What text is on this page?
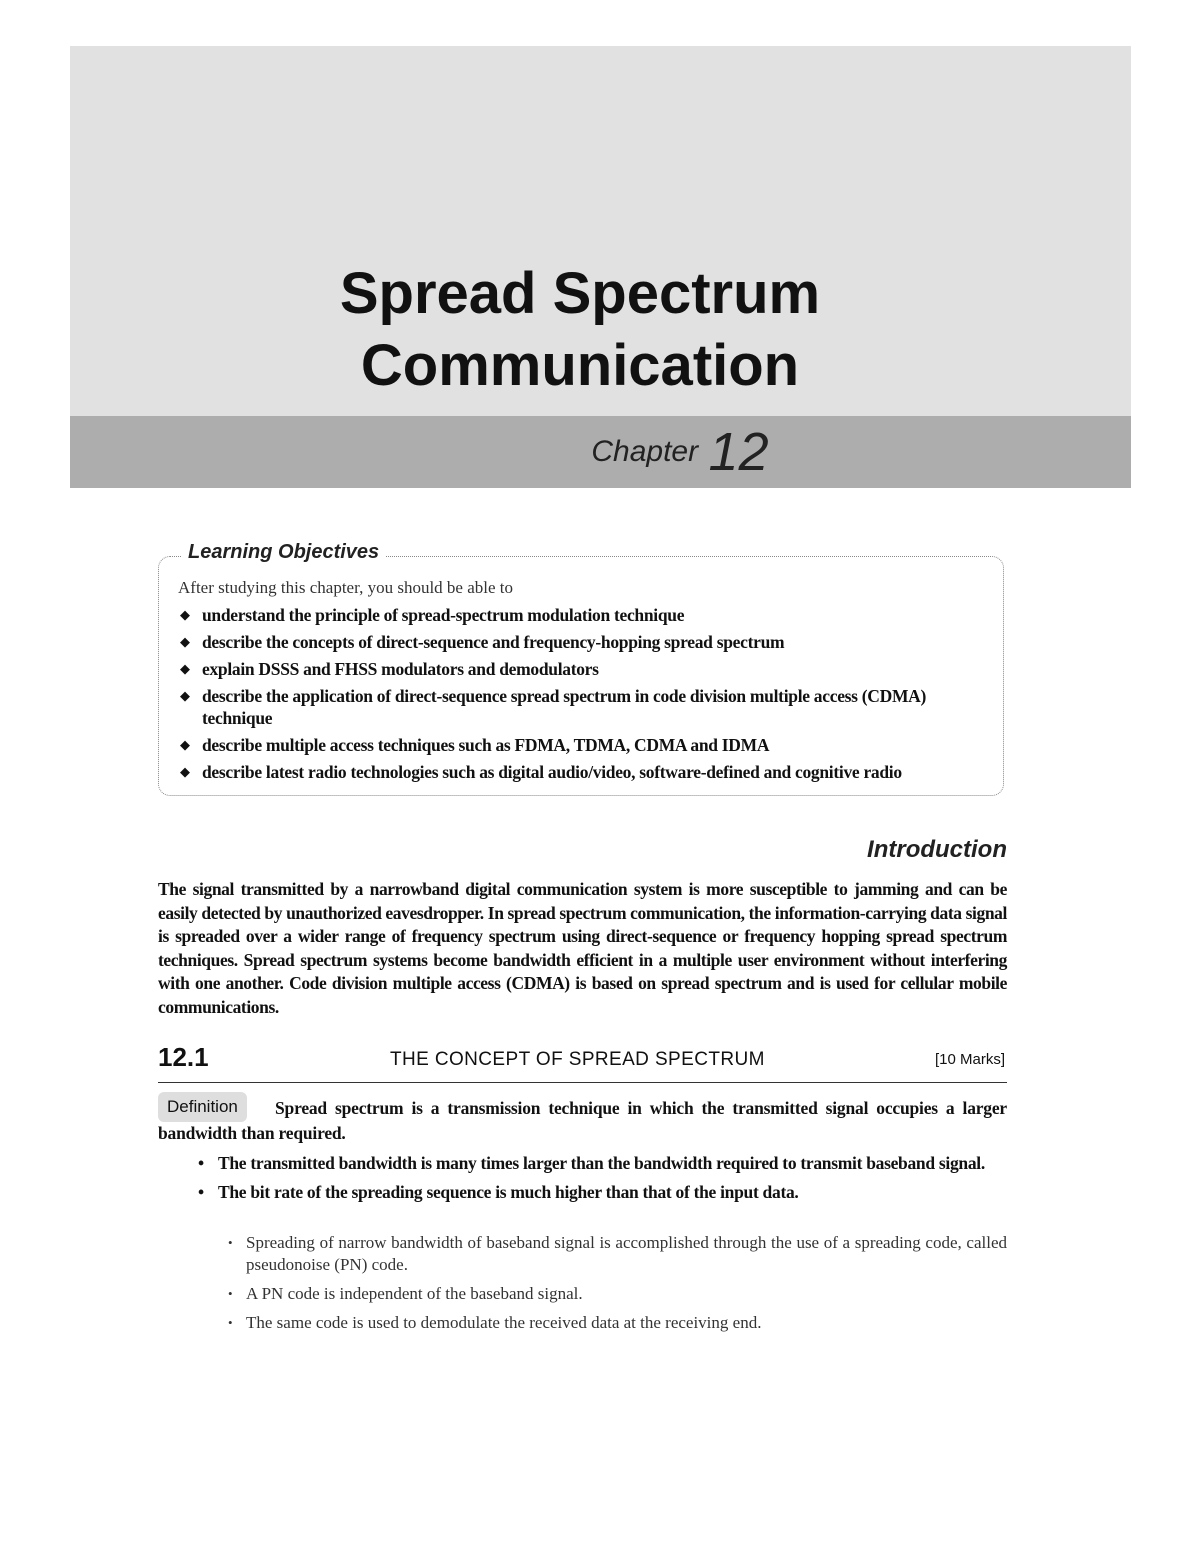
Spread Spectrum
Communication
Chapter 12
Learning Objectives
After studying this chapter, you should be able to
◆ understand the principle of spread-spectrum modulation technique
◆ describe the concepts of direct-sequence and frequency-hopping spread spectrum
◆ explain DSSS and FHSS modulators and demodulators
◆ describe the application of direct-sequence spread spectrum in code division multiple access (CDMA) technique
◆ describe multiple access techniques such as FDMA, TDMA, CDMA and IDMA
◆ describe latest radio technologies such as digital audio/video, software-defined and cognitive radio
Introduction

The signal transmitted by a narrowband digital communication system is more susceptible to jamming and can be easily detected by unauthorized eavesdropper. In spread spectrum communication, the information-carrying data signal is spreaded over a wider range of frequency spectrum using direct-sequence or frequency hopping spread spectrum techniques. Spread spectrum systems become bandwidth efficient in a multiple user environment without interfering with one another. Code division multiple access (CDMA) is based on spread spectrum and is used for cellular mobile communications.

12.1	THE CONCEPT OF SPREAD SPECTRUM	[10 Marks]

Spread spectrum is a transmission technique in which the transmitted signal occupies a larger bandwidth than required.

Definition
• The transmitted bandwidth is many times larger than the bandwidth required to transmit baseband signal.
• The bit rate of the spreading sequence is much higher than that of the input data.
• Spreading of narrow bandwidth of baseband signal is accomplished through the use of a spreading code, called pseudonoise (PN) code.
• A PN code is independent of the baseband signal.
• The same code is used to demodulate the received data at the receiving end.
